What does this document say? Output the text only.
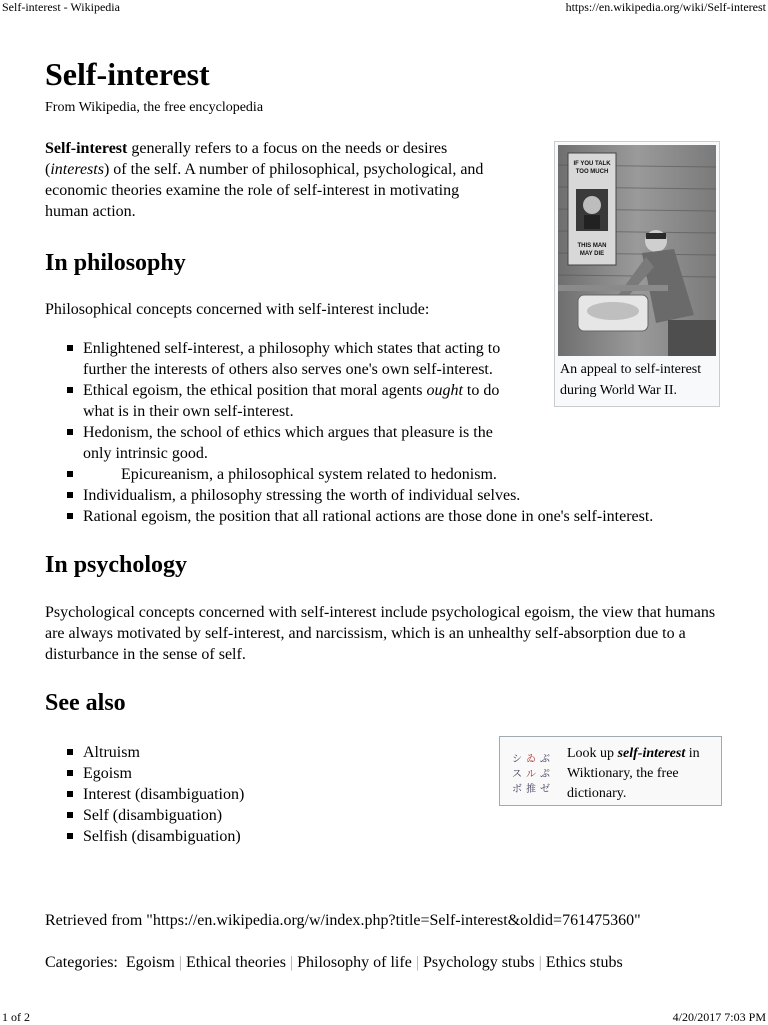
Self-interest - Wikipedia	https://en.wikipedia.org/wiki/Self-interest
Self-interest
From Wikipedia, the free encyclopedia

Self-interest generally refers to a focus on the needs or desires (interests) of the self. A number of philosophical, psychological, and economic theories examine the role of self-interest in motivating human action.

In philosophy

Philosophical concepts concerned with self-interest include:

Enlightened self-interest, a philosophy which states that acting to further the interests of others also serves one's own self-interest.
Ethical egoism, the ethical position that moral agents ought to do what is in their own self-interest.
Hedonism, the school of ethics which argues that pleasure is the only intrinsic good.
Epicureanism, a philosophical system related to hedonism.
Individualism, a philosophy stressing the worth of individual selves.
Rational egoism, the position that all rational actions are those done in one's self-interest.
In psychology

Psychological concepts concerned with self-interest include psychological egoism, the view that humans are always motivated by self-interest, and narcissism, which is an unhealthy self-absorption due to a disturbance in the sense of self.

See also
Altruism
Egoism
Interest (disambiguation)
Self (disambiguation)
Selfish (disambiguation)
IF YOU TALK
TOO MUCH
THIS MAN
MAY DIE
An appeal to self-interest during World War II.
シ ゐ ぶ
ス ル ぷ
ボ 推 ゼ
Look up self-interest in Wiktionary, the free dictionary.
Retrieved from "https://en.wikipedia.org/w/index.php?title=Self-interest&oldid=761475360"
Categories: Egoism | Ethical theories | Philosophy of life | Psychology stubs | Ethics stubs
1 of 2	4/20/2017 7:03 PM
